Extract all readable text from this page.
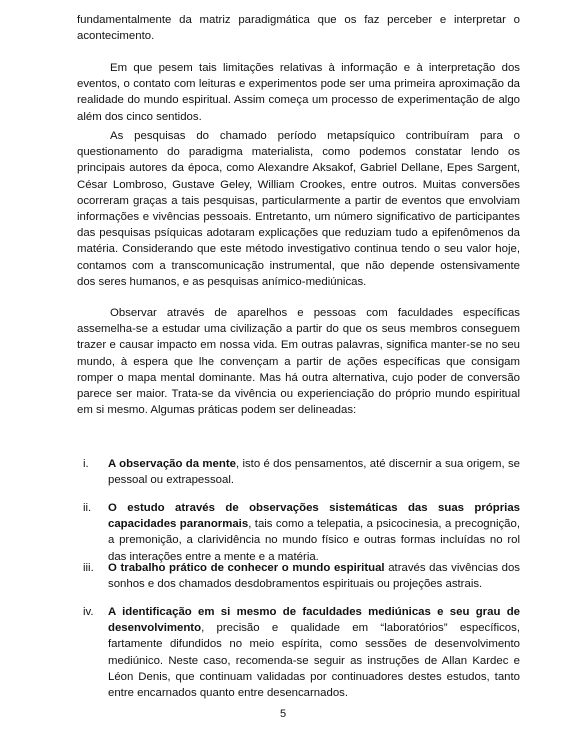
fundamentalmente da matriz paradigmática que os faz perceber e interpretar o acontecimento.

Em que pesem tais limitações relativas à informação e à interpretação dos eventos, o contato com leituras e experimentos pode ser uma primeira aproximação da realidade do mundo espiritual. Assim começa um processo de experimentação de algo além dos cinco sentidos.

As pesquisas do chamado período metapsíquico contribuíram para o questionamento do paradigma materialista, como podemos constatar lendo os principais autores da época, como Alexandre Aksakof, Gabriel Dellane, Epes Sargent, César Lombroso, Gustave Geley, William Crookes, entre outros. Muitas conversões ocorreram graças a tais pesquisas, particularmente a partir de eventos que envolviam informações e vivências pessoais. Entretanto, um número significativo de participantes das pesquisas psíquicas adotaram explicações que reduziam tudo a epifenômenos da matéria. Considerando que este método investigativo continua tendo o seu valor hoje, contamos com a transcomunicação instrumental, que não depende ostensivamente dos seres humanos, e as pesquisas anímico-mediúnicas.

Observar através de aparelhos e pessoas com faculdades específicas assemelha-se a estudar uma civilização a partir do que os seus membros conseguem trazer e causar impacto em nossa vida. Em outras palavras, significa manter-se no seu mundo, à espera que lhe convençam a partir de ações específicas que consigam romper o mapa mental dominante. Mas há outra alternativa, cujo poder de conversão parece ser maior. Trata-se da vivência ou experienciação do próprio mundo espiritual em si mesmo. Algumas práticas podem ser delineadas:

i.	A observação da mente, isto é dos pensamentos, até discernir a sua origem, se pessoal ou extrapessoal.
ii.	O estudo através de observações sistemáticas das suas próprias capacidades paranormais, tais como a telepatia, a psicocinesia, a precognição, a premonição, a clarividência no mundo físico e outras formas incluídas no rol das interações entre a mente e a matéria.
iii.	O trabalho prático de conhecer o mundo espiritual através das vivências dos sonhos e dos chamados desdobramentos espirituais ou projeções astrais.
iv.	A identificação em si mesmo de faculdades mediúnicas e seu grau de desenvolvimento, precisão e qualidade em “laboratórios” específicos, fartamente difundidos no meio espírita, como sessões de desenvolvimento mediúnico. Neste caso, recomenda-se seguir as instruções de Allan Kardec e Léon Denis, que continuam validadas por continuadores destes estudos, tanto entre encarnados quanto entre desencarnados.
5
